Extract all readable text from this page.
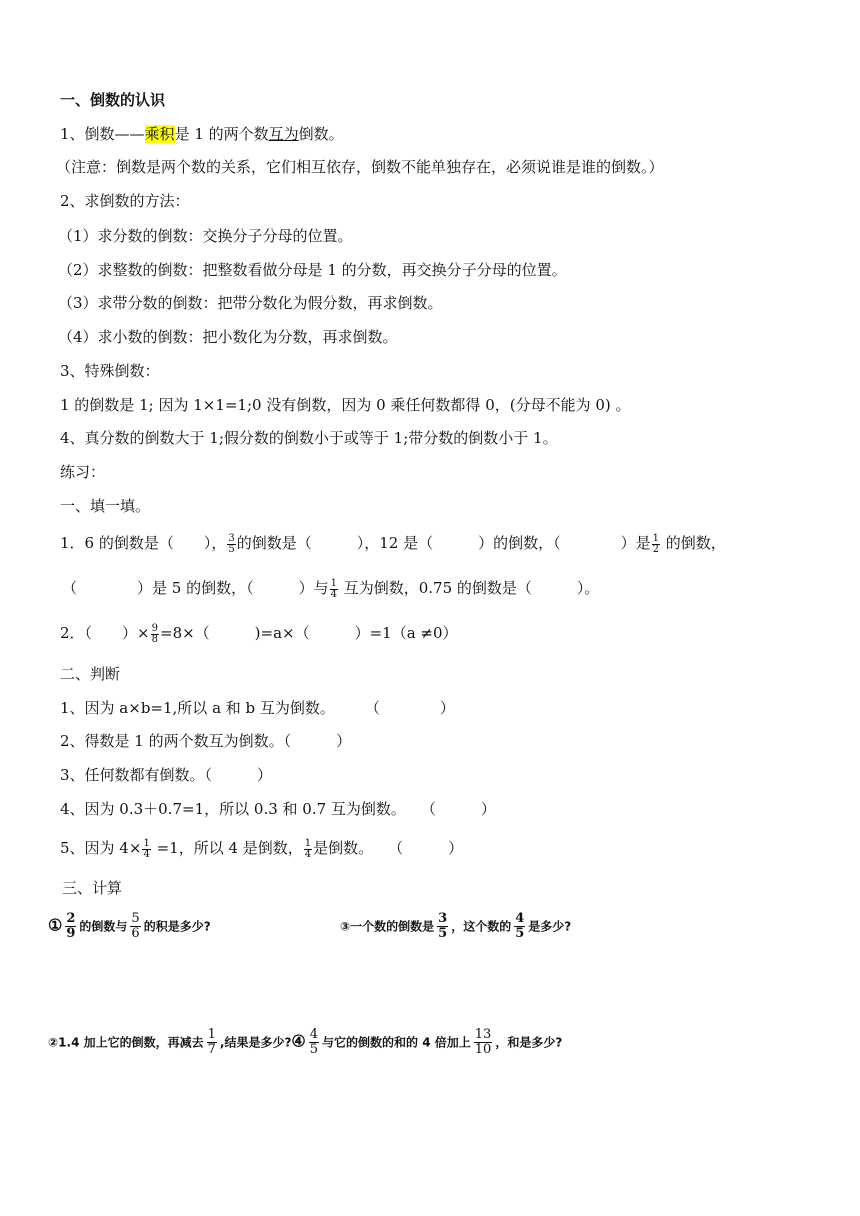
一、倒数的认识
1、倒数——乘积是 1 的两个数互为倒数。
（注意：倒数是两个数的关系，它们相互依存，倒数不能单独存在，必须说谁是谁的倒数。）
2、求倒数的方法：
（1）求分数的倒数：交换分子分母的位置。
（2）求整数的倒数：把整数看做分母是 1 的分数，再交换分子分母的位置。
（3）求带分数的倒数：把带分数化为假分数，再求倒数。
（4）求小数的倒数：把小数化为分数，再求倒数。
3、特殊倒数：
1 的倒数是 1; 因为 1×1=1;0 没有倒数，因为 0 乘任何数都得 0，(分母不能为 0) 。
4、真分数的倒数大于 1;假分数的倒数小于或等于 1;带分数的倒数小于 1。
练习：
一、填一填。
1．6 的倒数是（　　）， $\frac{3}{5}$ 的倒数是（　　　），12 是（　　　）的倒数，（　　　　）是 $\frac{1}{2}$ 的倒数，
（　　　　）是 5 的倒数，（　　　）与 $\frac{1}{4}$ 互为倒数，0.75 的倒数是（　　　）。
2．（　　）× $\frac{9}{8} =8\times$（　　　)=a×（　　　）=1（a ≠0）
二、判断
1、因为 a×b=1,所以 a 和 b 互为倒数。　　　（　　　　）
2、得数是 1 的两个数互为倒数。（　　　）
3、任何数都有倒数。（　　　）
4、因为 0.3＋0.7=1，所以 0.3 和 0.7 互为倒数。　　（　　　）
5、因为 $4\times \frac{1}{4} =1$，所以 4 是倒数， $\frac{1}{4}$ 是倒数。　　（　　　）
三、计算
① $\frac{2}{9}$ 的倒数与 $\frac{5}{6}$ 的积是多少?	③一个数的倒数是 $\frac{3}{5}$ ，这个数的 $\frac{4}{5}$ 是多少?
②1.4 加上它的倒数，再减去 $\frac{1}{7}$ ,结果是多少?④ $\frac{4}{5}$ 与它的倒数的和的 4 倍加上 $\frac{13}{10}$ ，和是多少?
